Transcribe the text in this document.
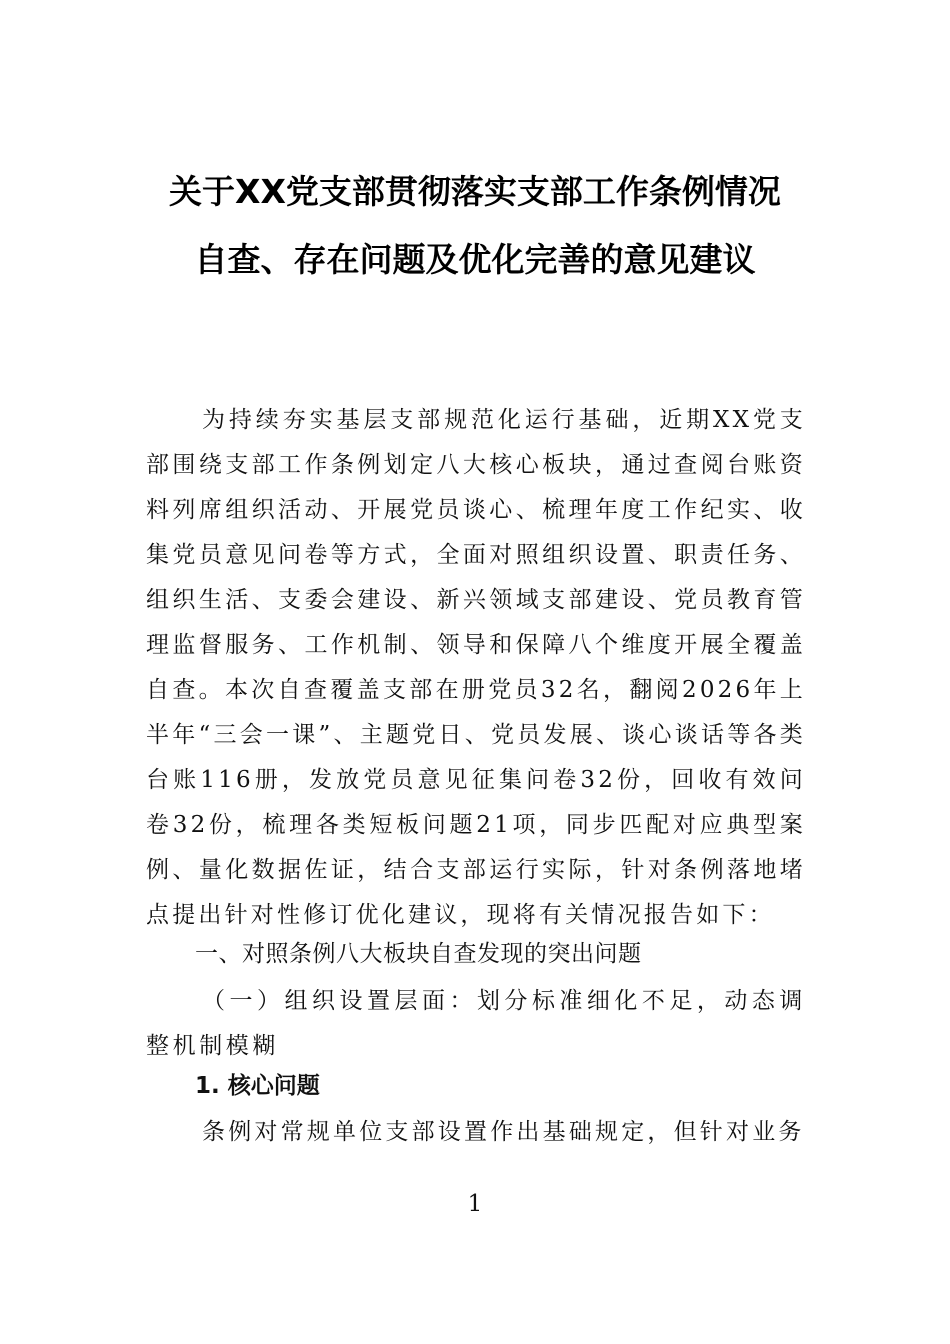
关于XX党支部贯彻落实支部工作条例情况
自查、存在问题及优化完善的意见建议

为持续夯实基层支部规范化运行基础，近期XX党支部围绕支部工作条例划定八大核心板块，通过查阅台账资料列席组织活动、开展党员谈心、梳理年度工作纪实、收集党员意见问卷等方式，全面对照组织设置、职责任务、组织生活、支委会建设、新兴领域支部建设、党员教育管理监督服务、工作机制、领导和保障八个维度开展全覆盖自查。本次自查覆盖支部在册党员32名，翻阅2026年上半年“三会一课”、主题党日、党员发展、谈心谈话等各类台账116册，发放党员意见征集问卷32份，回收有效问卷32份，梳理各类短板问题21项，同步匹配对应典型案例、量化数据佐证，结合支部运行实际，针对条例落地堵点提出针对性修订优化建议，现将有关情况报告如下：

一、对照条例八大板块自查发现的突出问题

（一）组织设置层面：划分标准细化不足，动态调整机制模糊

1. 核心问题

条例对常规单位支部设置作出基础规定，但针对业务

1
